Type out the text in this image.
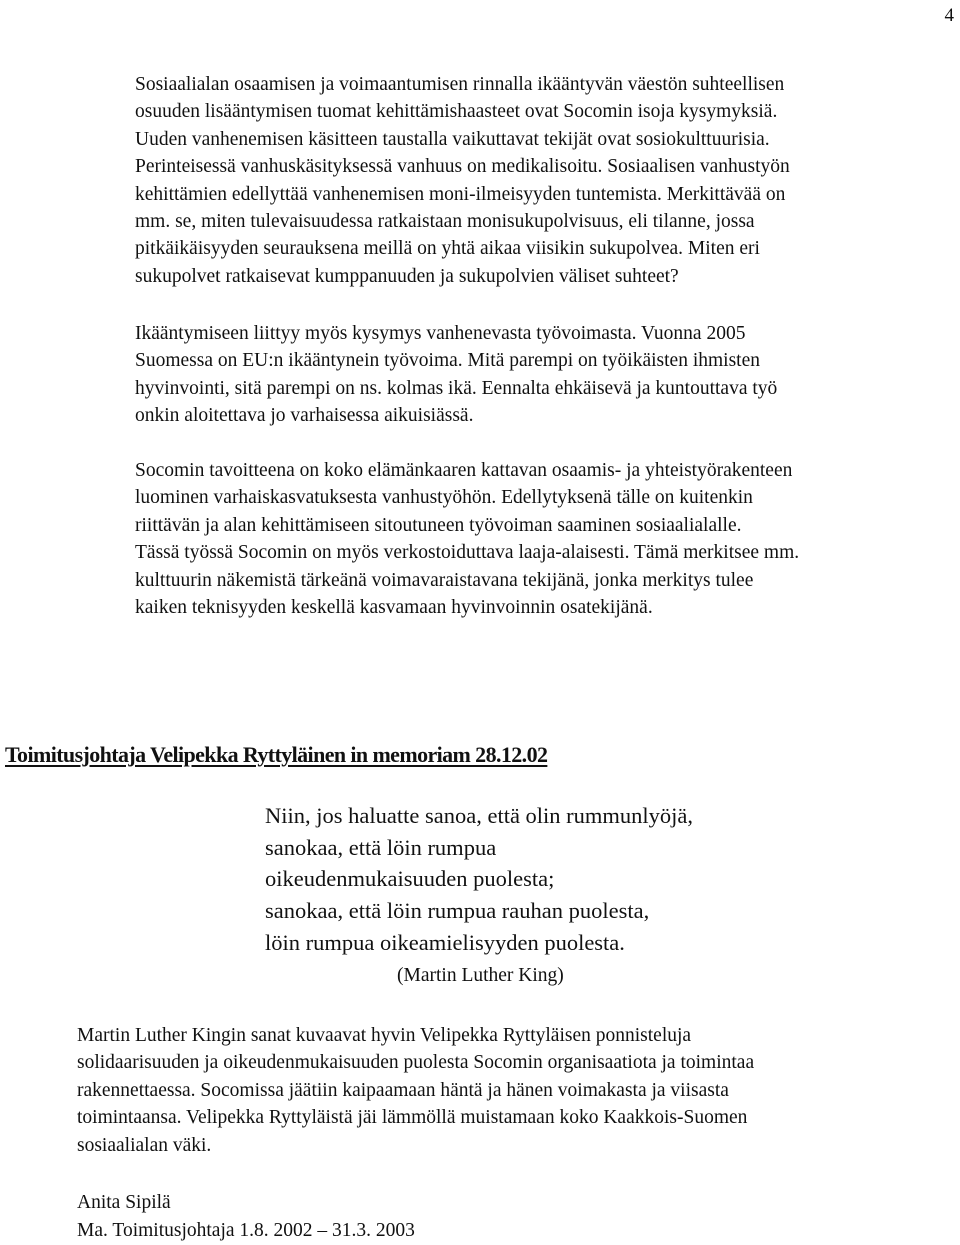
4
Sosiaalialan osaamisen ja voimaantumisen rinnalla ikääntyvän väestön suhteellisen
osuuden lisääntymisen tuomat kehittämishaasteet ovat Socomin isoja kysymyksiä.
Uuden vanhenemisen käsitteen taustalla vaikuttavat tekijät ovat sosiokulttuurisia.
Perinteisessä vanhuskäsityksessä vanhuus on medikalisoitu. Sosiaalisen vanhustyön
kehittämien edellyttää vanhenemisen moni-ilmeisyyden tuntemista. Merkittävää on
mm. se, miten tulevaisuudessa ratkaistaan monisukupolvisuus, eli tilanne, jossa
pitkäikäisyyden seurauksena meillä on yhtä aikaa viisikin sukupolvea. Miten eri
sukupolvet ratkaisevat kumppanuuden ja sukupolvien väliset suhteet?
Ikääntymiseen liittyy myös kysymys vanhenevasta työvoimasta. Vuonna 2005
Suomessa on EU:n ikääntynein työvoima. Mitä parempi on työikäisten ihmisten
hyvinvointi, sitä parempi on ns. kolmas ikä. Eennalta ehkäisevä ja kuntouttava työ
onkin aloitettava jo varhaisessa aikuisiässä.
Socomin tavoitteena on koko elämänkaaren kattavan osaamis- ja yhteistyörakenteen
luominen varhaiskasvatuksesta vanhustyöhön. Edellytyksenä tälle on kuitenkin
riittävän ja alan kehittämiseen sitoutuneen työvoiman saaminen sosiaalialalle.
Tässä työssä Socomin on myös verkostoiduttava laaja-alaisesti. Tämä merkitsee mm.
kulttuurin näkemistä tärkeänä voimavaraistavana tekijänä, jonka merkitys tulee
kaiken teknisyyden keskellä kasvamaan hyvinvoinnin osatekijänä.
Toimitusjohtaja Velipekka Ryttyläinen in memoriam 28.12.02
Niin, jos haluatte sanoa, että olin rummunlyöjä,
sanokaa, että löin rumpua
oikeudenmukaisuuden puolesta;
sanokaa, että löin rumpua rauhan puolesta,
löin rumpua oikeamielisyyden puolesta.
(Martin Luther King)
Martin Luther Kingin sanat kuvaavat hyvin Velipekka Ryttyläisen ponnisteluja
solidaarisuuden ja oikeudenmukaisuuden puolesta Socomin organisaatiota ja toimintaa
rakennettaessa. Socomissa jäätiin kaipaamaan häntä ja hänen voimakasta ja viisasta
toimintaansa. Velipekka Ryttyläistä jäi lämmöllä muistamaan koko Kaakkois-Suomen
sosiaalialan väki.
Anita Sipilä
Ma. Toimitusjohtaja 1.8. 2002 – 31.3. 2003
